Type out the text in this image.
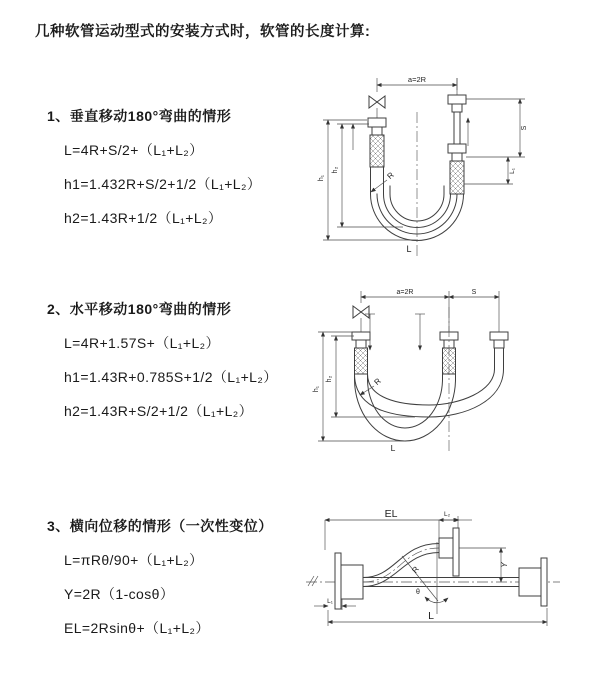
几种软管运动型式的安装方式时，软管的长度计算:
1、垂直移动180°弯曲的情形
L=4R+S/2+（L₁+L₂）
h1=1.432R+S/2+1/2（L₁+L₂）
h2=1.43R+1/2（L₁+L₂）
a=2R
h₁
h₂
R
L
S
L₁
2、水平移动180°弯曲的情形
L=4R+1.57S+（L₁+L₂）
h1=1.43R+0.785S+1/2（L₁+L₂）
h2=1.43R+S/2+1/2（L₁+L₂）
a=2R	S
h₁
h₂	R
L
3、横向位移的情形（一次性变位）
L=πRθ/90+（L₁+L₂）
Y=2R（1-cosθ）
EL=2Rsinθ+（L₁+L₂）
EL	L₂
Y
R
θ
L
L₁
